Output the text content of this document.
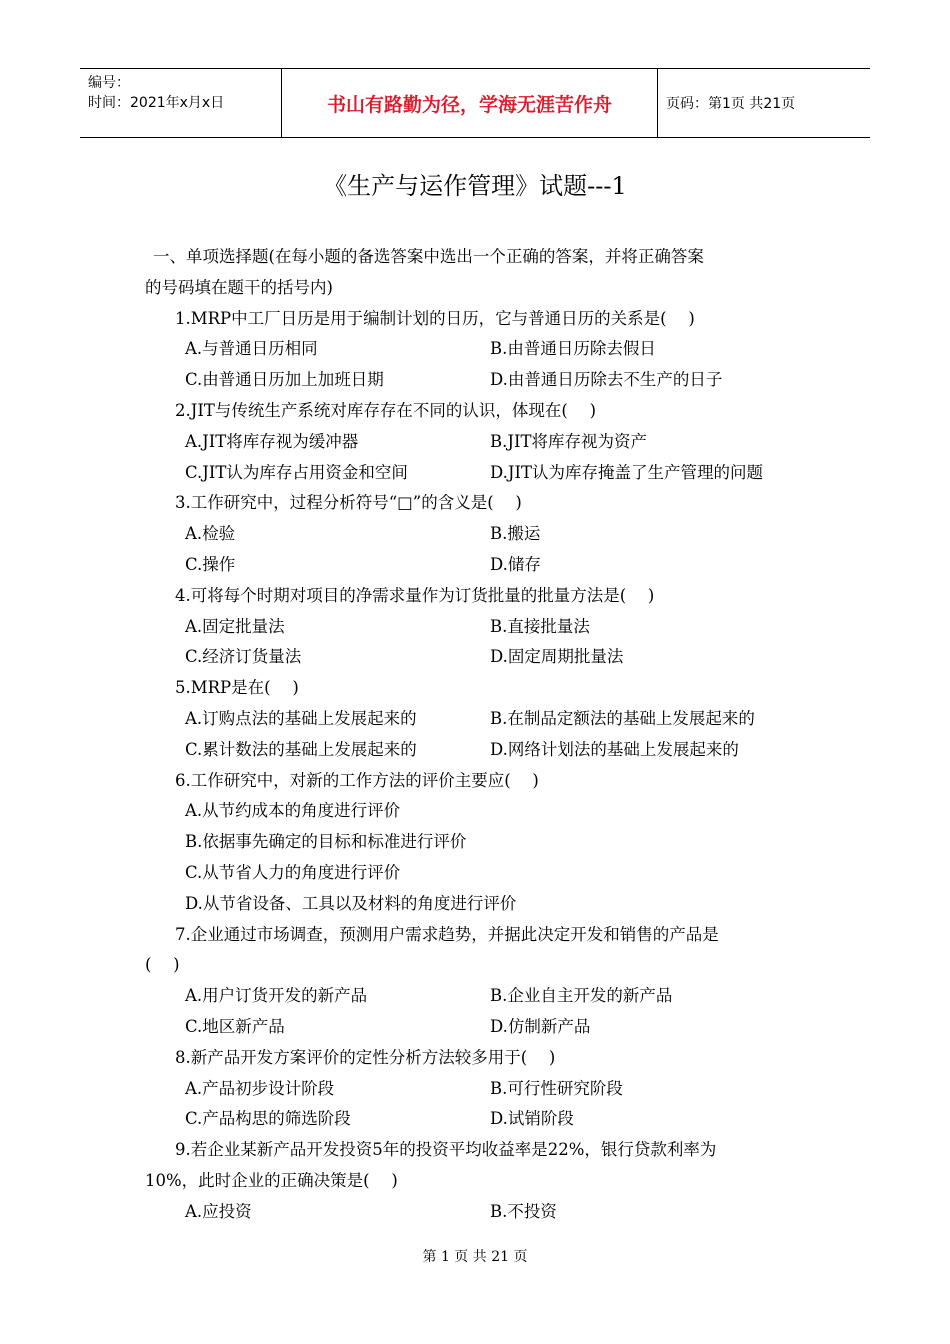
编号：
时间：2021年x月x日	书山有路勤为径，学海无涯苦作舟	页码：第1页 共21页
《生产与运作管理》试题---1
一、单项选择题(在每小题的备选答案中选出一个正确的答案，并将正确答案
的号码填在题干的括号内)
1.MRP中工厂日历是用于编制计划的日历，它与普通日历的关系是(　 )
A.与普通日历相同	B.由普通日历除去假日
C.由普通日历加上加班日期	D.由普通日历除去不生产的日子
2.JIT与传统生产系统对库存存在不同的认识，体现在(　 )
A.JIT将库存视为缓冲器	B.JIT将库存视为资产
C.JIT认为库存占用资金和空间	D.JIT认为库存掩盖了生产管理的问题
3.工作研究中，过程分析符号“□”的含义是(　 )
A.检验	B.搬运
C.操作	D.储存
4.可将每个时期对项目的净需求量作为订货批量的批量方法是(　 )
A.固定批量法	B.直接批量法
C.经济订货量法	D.固定周期批量法
5.MRP是在(　 )
A.订购点法的基础上发展起来的	B.在制品定额法的基础上发展起来的
C.累计数法的基础上发展起来的	D.网络计划法的基础上发展起来的
6.工作研究中，对新的工作方法的评价主要应(　 )
A.从节约成本的角度进行评价
B.依据事先确定的目标和标准进行评价
C.从节省人力的角度进行评价
D.从节省设备、工具以及材料的角度进行评价
7.企业通过市场调查，预测用户需求趋势，并据此决定开发和销售的产品是
(　 )
A.用户订货开发的新产品	B.企业自主开发的新产品
C.地区新产品	D.仿制新产品
8.新产品开发方案评价的定性分析方法较多用于(　 )
A.产品初步设计阶段	B.可行性研究阶段
C.产品构思的筛选阶段	D.试销阶段
9.若企业某新产品开发投资5年的投资平均收益率是22%，银行贷款利率为
10%，此时企业的正确决策是(　 )
A.应投资	B.不投资
第 1 页 共 21 页
